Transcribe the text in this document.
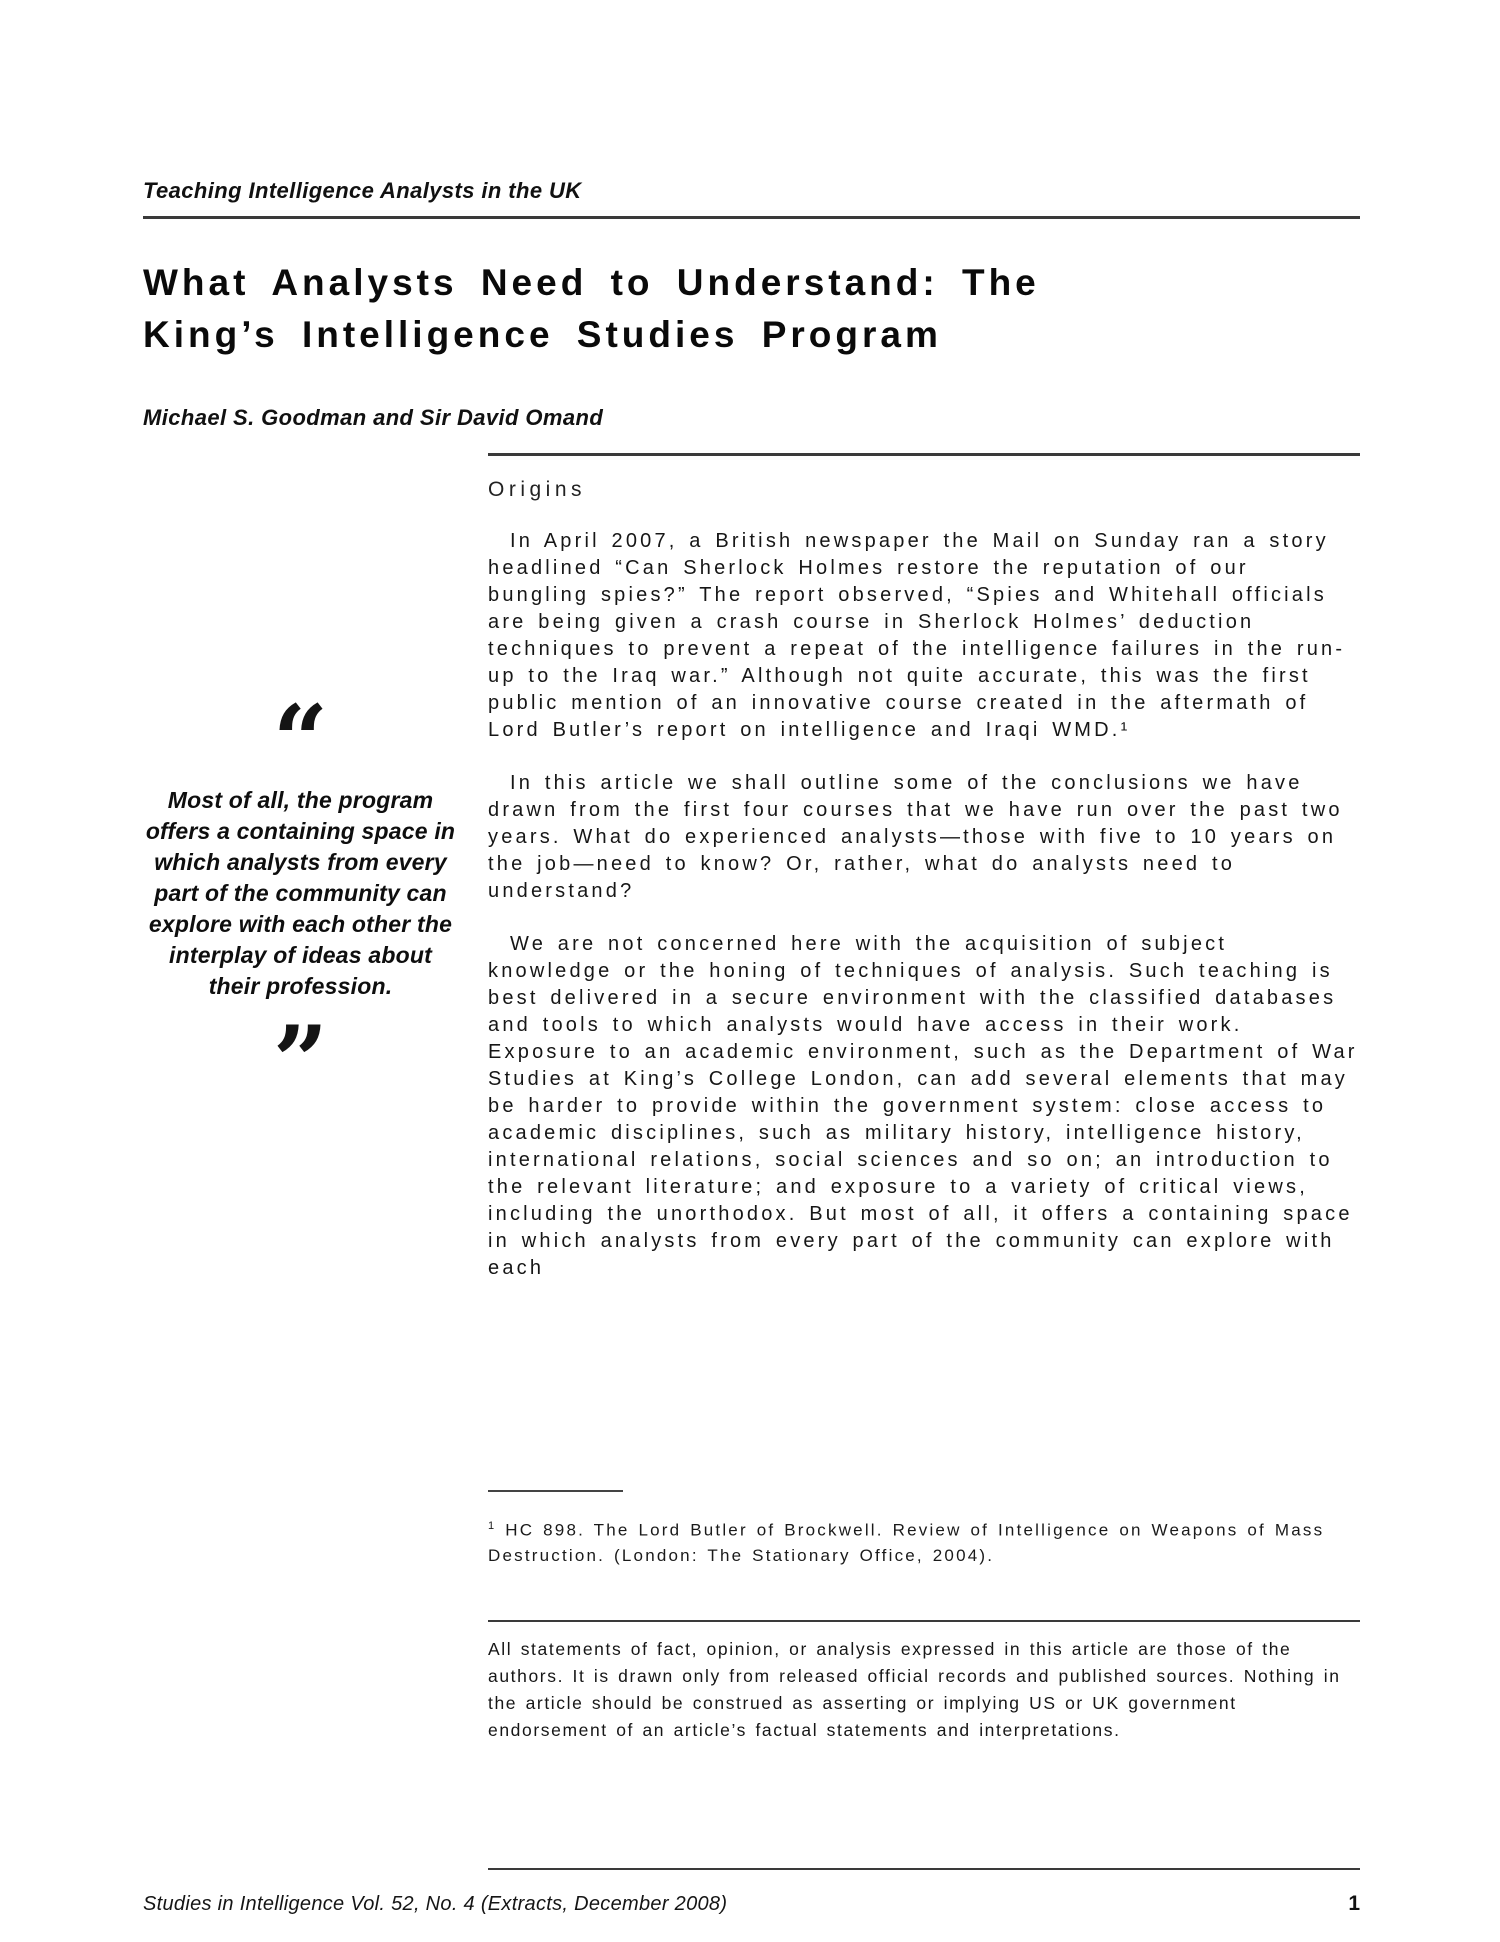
Teaching Intelligence Analysts in the UK
What Analysts Need to Understand: The King’s Intelligence Studies Program
Michael S. Goodman and Sir David Omand
“

Most of all, the program offers a containing space in which analysts from every part of the community can explore with each other the interplay of ideas about their profession.

”
Origins

In April 2007, a British newspaper the Mail on Sunday ran a story headlined “Can Sherlock Holmes restore the reputation of our bungling spies?” The report observed, “Spies and Whitehall officials are being given a crash course in Sherlock Holmes’ deduction techniques to prevent a repeat of the intelligence failures in the run-up to the Iraq war.” Although not quite accurate, this was the first public mention of an innovative course created in the aftermath of Lord Butler’s report on intelligence and Iraqi WMD.¹

In this article we shall outline some of the conclusions we have drawn from the first four courses that we have run over the past two years. What do experienced analysts—those with five to 10 years on the job—need to know? Or, rather, what do analysts need to understand?

We are not concerned here with the acquisition of subject knowledge or the honing of techniques of analysis. Such teaching is best delivered in a secure environment with the classified databases and tools to which analysts would have access in their work. Exposure to an academic environment, such as the Department of War Studies at King’s College London, can add several elements that may be harder to provide within the government system: close access to academic disciplines, such as military history, intelligence history, international relations, social sciences and so on; an introduction to the relevant literature; and exposure to a variety of critical views, including the unorthodox. But most of all, it offers a containing space in which analysts from every part of the community can explore with each

$^1$ HC 898. The Lord Butler of Brockwell. Review of Intelligence on Weapons of Mass Destruction. (London: The Stationary Office, 2004).

All statements of fact, opinion, or analysis expressed in this article are those of the authors. It is drawn only from released official records and published sources. Nothing in the article should be construed as asserting or implying US or UK government endorsement of an article’s factual statements and interpretations.

Studies in Intelligence Vol. 52, No. 4 (Extracts, December 2008)	1
